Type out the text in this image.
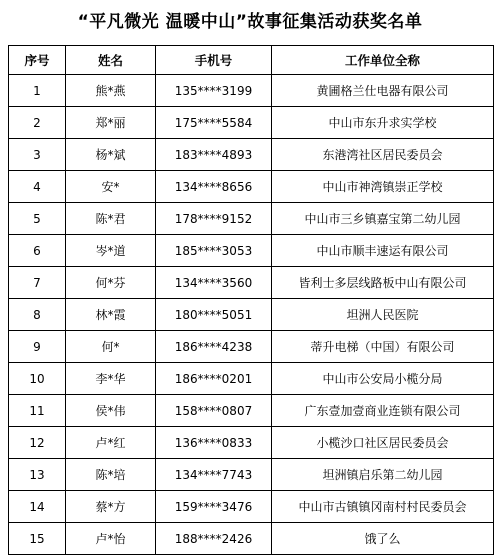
“平凡微光 温暖中山”故事征集活动获奖名单
序号	姓名	手机号	工作单位全称
1	熊*燕	135****3199	黄圃格兰仕电器有限公司
2	郑*丽	175****5584	中山市东升求实学校
3	杨*斌	183****4893	东港湾社区居民委员会
4	安*	134****8656	中山市神湾镇崇正学校
5	陈*君	178****9152	中山市三乡镇嘉宝第二幼儿园
6	岑*道	185****3053	中山市顺丰速运有限公司
7	何*芬	134****3560	皆利士多层线路板中山有限公司
8	林*霞	180****5051	坦洲人民医院
9	何*	186****4238	蒂升电梯（中国）有限公司
10	李*华	186****0201	中山市公安局小榄分局
11	侯*伟	158****0807	广东壹加壹商业连锁有限公司
12	卢*红	136****0833	小榄沙口社区居民委员会
13	陈*培	134****7743	坦洲镇启乐第二幼儿园
14	蔡*方	159****3476	中山市古镇镇冈南村村民委员会
15	卢*怡	188****2426	饿了么
